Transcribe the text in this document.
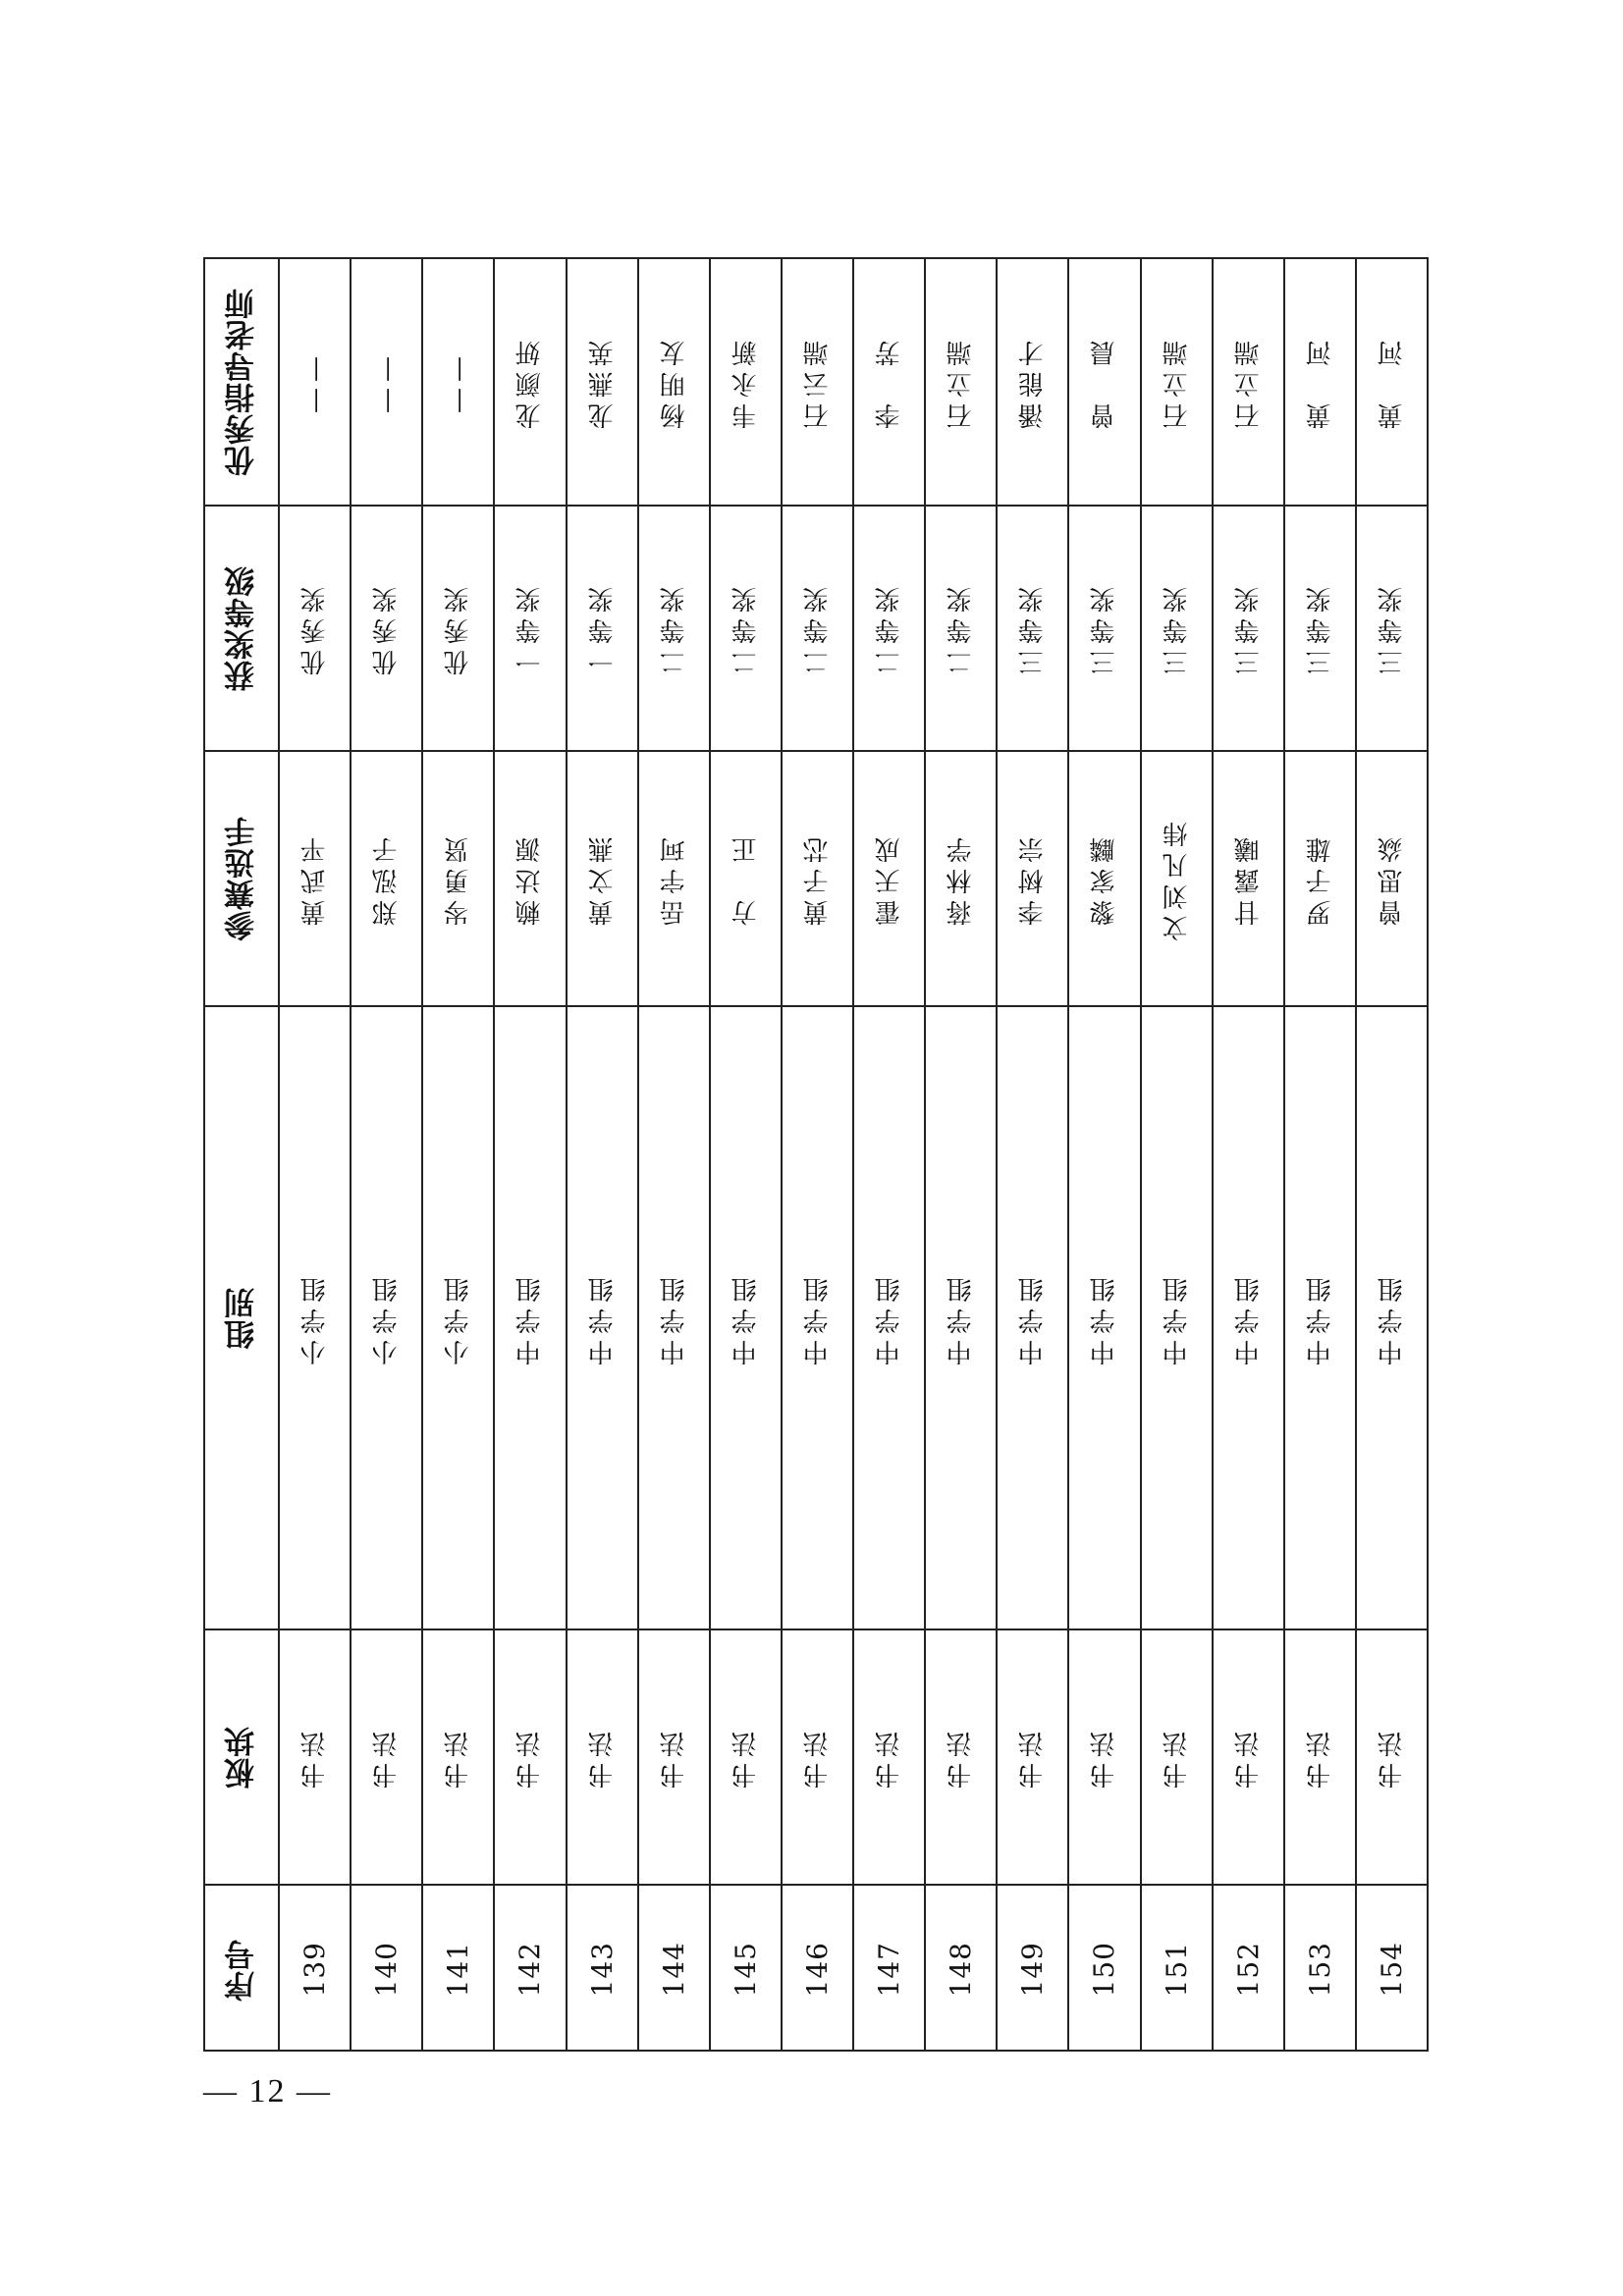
优秀指导老师
获奖等级
参赛选手
组别
板块
序号
——
优秀奖
黄武平
小学组
书法
139
——
优秀奖
郑泓子
小学组
书法
140
——
优秀奖
岑勇贤
小学组
书法
141
龙颜妍
一等奖
赖达源
中学组
书法
142
龙燕英
一等奖
黄文燕
中学组
书法
143
杨明友
二等奖
岳宇珂
中学组
书法
144
韦永新
二等奖
方　正
中学组
书法
145
石云端
二等奖
黄子芯
中学组
书法
146
李　芳
二等奖
霍天成
中学组
书法
147
石立端
二等奖
蒋林学
中学组
书法
148
潘能才
三等奖
李树宗
中学组
书法
149
曾　晨
三等奖
黎家麟
中学组
书法
150
石立端
三等奖
文刘凡炜
中学组
书法
151
石立端
三等奖
甘露曦
中学组
书法
152
黄　河
三等奖
罗子雄
中学组
书法
153
黄　河
三等奖
曾思焱
中学组
书法
154
— 12 —
